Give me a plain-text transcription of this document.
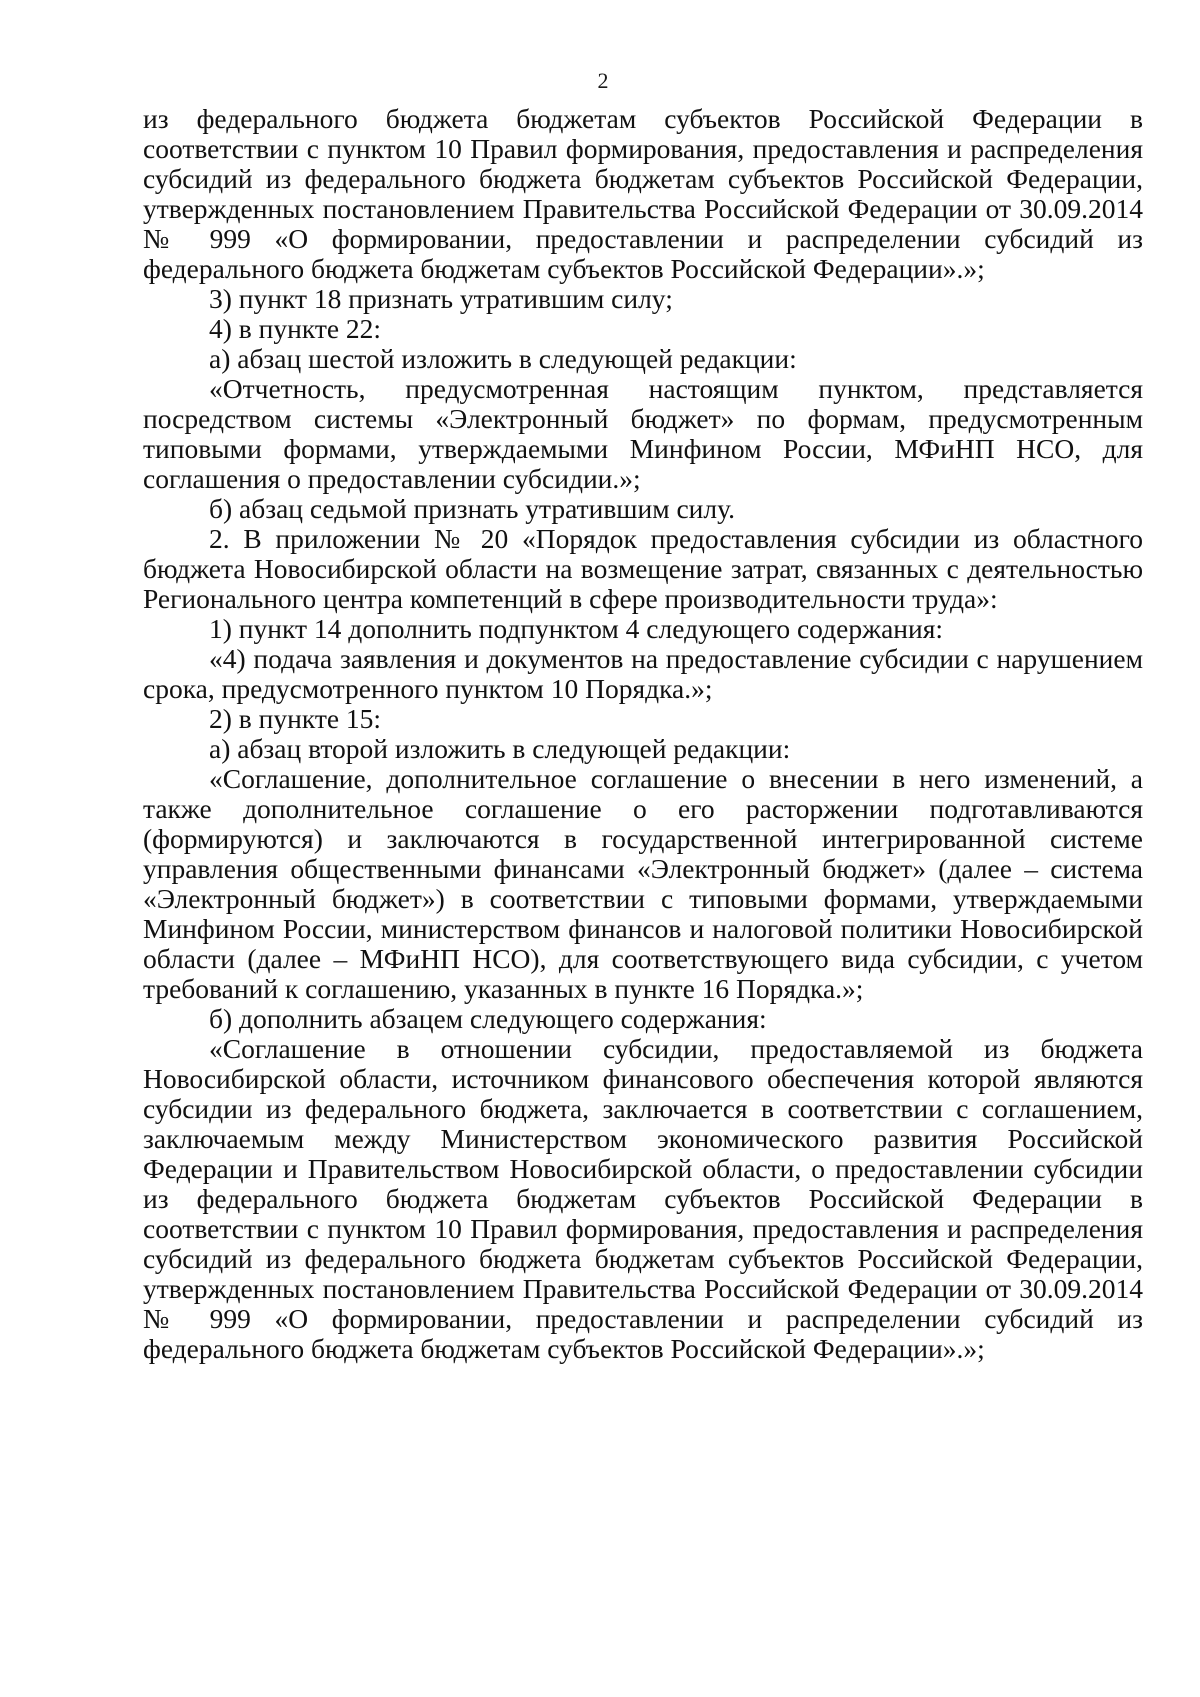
2

из федерального бюджета бюджетам субъектов Российской Федерации в соответствии с пунктом 10 Правил формирования, предоставления и распределения субсидий из федерального бюджета бюджетам субъектов Российской Федерации, утвержденных постановлением Правительства Российской Федерации от 30.09.2014 № 999 «О формировании, предоставлении и распределении субсидий из федерального бюджета бюджетам субъектов Российской Федерации».»;

3) пункт 18 признать утратившим силу;

4) в пункте 22:

а) абзац шестой изложить в следующей редакции:

«Отчетность, предусмотренная настоящим пунктом, представляется посредством системы «Электронный бюджет» по формам, предусмотренным типовыми формами, утверждаемыми Минфином России, МФиНП НСО, для соглашения о предоставлении субсидии.»;

б) абзац седьмой признать утратившим силу.

2. В приложении № 20 «Порядок предоставления субсидии из областного бюджета Новосибирской области на возмещение затрат, связанных с деятельностью Регионального центра компетенций в сфере производительности труда»:

1) пункт 14 дополнить подпунктом 4 следующего содержания:

«4) подача заявления и документов на предоставление субсидии с нарушением срока, предусмотренного пунктом 10 Порядка.»;

2) в пункте 15:

а) абзац второй изложить в следующей редакции:

«Соглашение, дополнительное соглашение о внесении в него изменений, а также дополнительное соглашение о его расторжении подготавливаются (формируются) и заключаются в государственной интегрированной системе управления общественными финансами «Электронный бюджет» (далее – система «Электронный бюджет») в соответствии с типовыми формами, утверждаемыми Минфином России, министерством финансов и налоговой политики Новосибирской области (далее – МФиНП НСО), для соответствующего вида субсидии, с учетом требований к соглашению, указанных в пункте 16 Порядка.»;

б) дополнить абзацем следующего содержания:

«Соглашение в отношении субсидии, предоставляемой из бюджета Новосибирской области, источником финансового обеспечения которой являются субсидии из федерального бюджета, заключается в соответствии с соглашением, заключаемым между Министерством экономического развития Российской Федерации и Правительством Новосибирской области, о предоставлении субсидии из федерального бюджета бюджетам субъектов Российской Федерации в соответствии с пунктом 10 Правил формирования, предоставления и распределения субсидий из федерального бюджета бюджетам субъектов Российской Федерации, утвержденных постановлением Правительства Российской Федерации от 30.09.2014 № 999 «О формировании, предоставлении и распределении субсидий из федерального бюджета бюджетам субъектов Российской Федерации».»;
